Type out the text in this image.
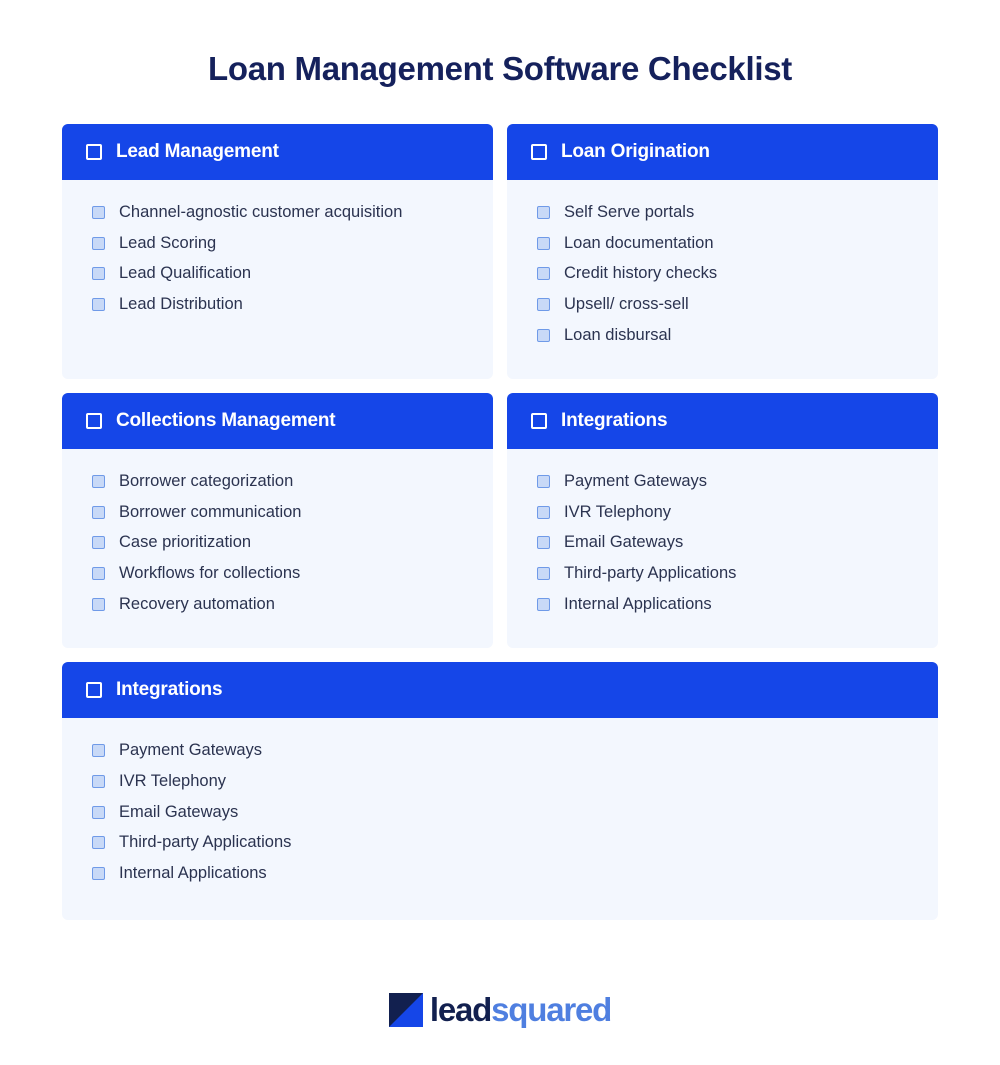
Loan Management Software Checklist
Lead Management
Channel-agnostic customer acquisition
Lead Scoring
Lead Qualification
Lead Distribution
Loan Origination
Self Serve portals
Loan documentation
Credit history checks
Upsell/ cross-sell
Loan disbursal
Collections Management
Borrower categorization
Borrower communication
Case prioritization
Workflows for collections
Recovery automation
Integrations
Payment Gateways
IVR Telephony
Email Gateways
Third-party Applications
Internal Applications
Integrations
Payment Gateways
IVR Telephony
Email Gateways
Third-party Applications
Internal Applications
leadsquared
